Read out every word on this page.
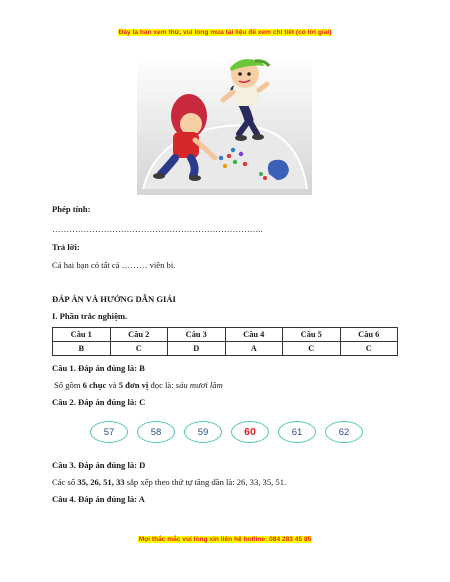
Đây là bản xem thử, vui lòng mua tài liệu để xem chi tiết (có lời giải)
Phép tính:
………………………………………………………………..
Trả lời:
Cả hai bạn có tất cả ……… viên bi.
ĐÁP ÁN VÀ HƯỚNG DẪN GIẢI
I. Phần trắc nghiệm.
Câu 1	Câu 2	Câu 3	Câu 4	Câu 5	Câu 6
B	C	D	A	C	C
Câu 1. Đáp án đúng là: B
Số gồm 6 chục và 5 đơn vị đọc là: sáu mươi lăm
Câu 2. Đáp án đúng là: C
57	58	59	60	61	62
Câu 3. Đáp án đúng là: D
Các số 35, 26, 51, 33 sắp xếp theo thứ tự tăng dần là: 26, 33, 35, 51.
Câu 4. Đáp án đúng là: A
Mọi thắc mắc vui lòng xin liên hệ hotline: 084 283 45 85
